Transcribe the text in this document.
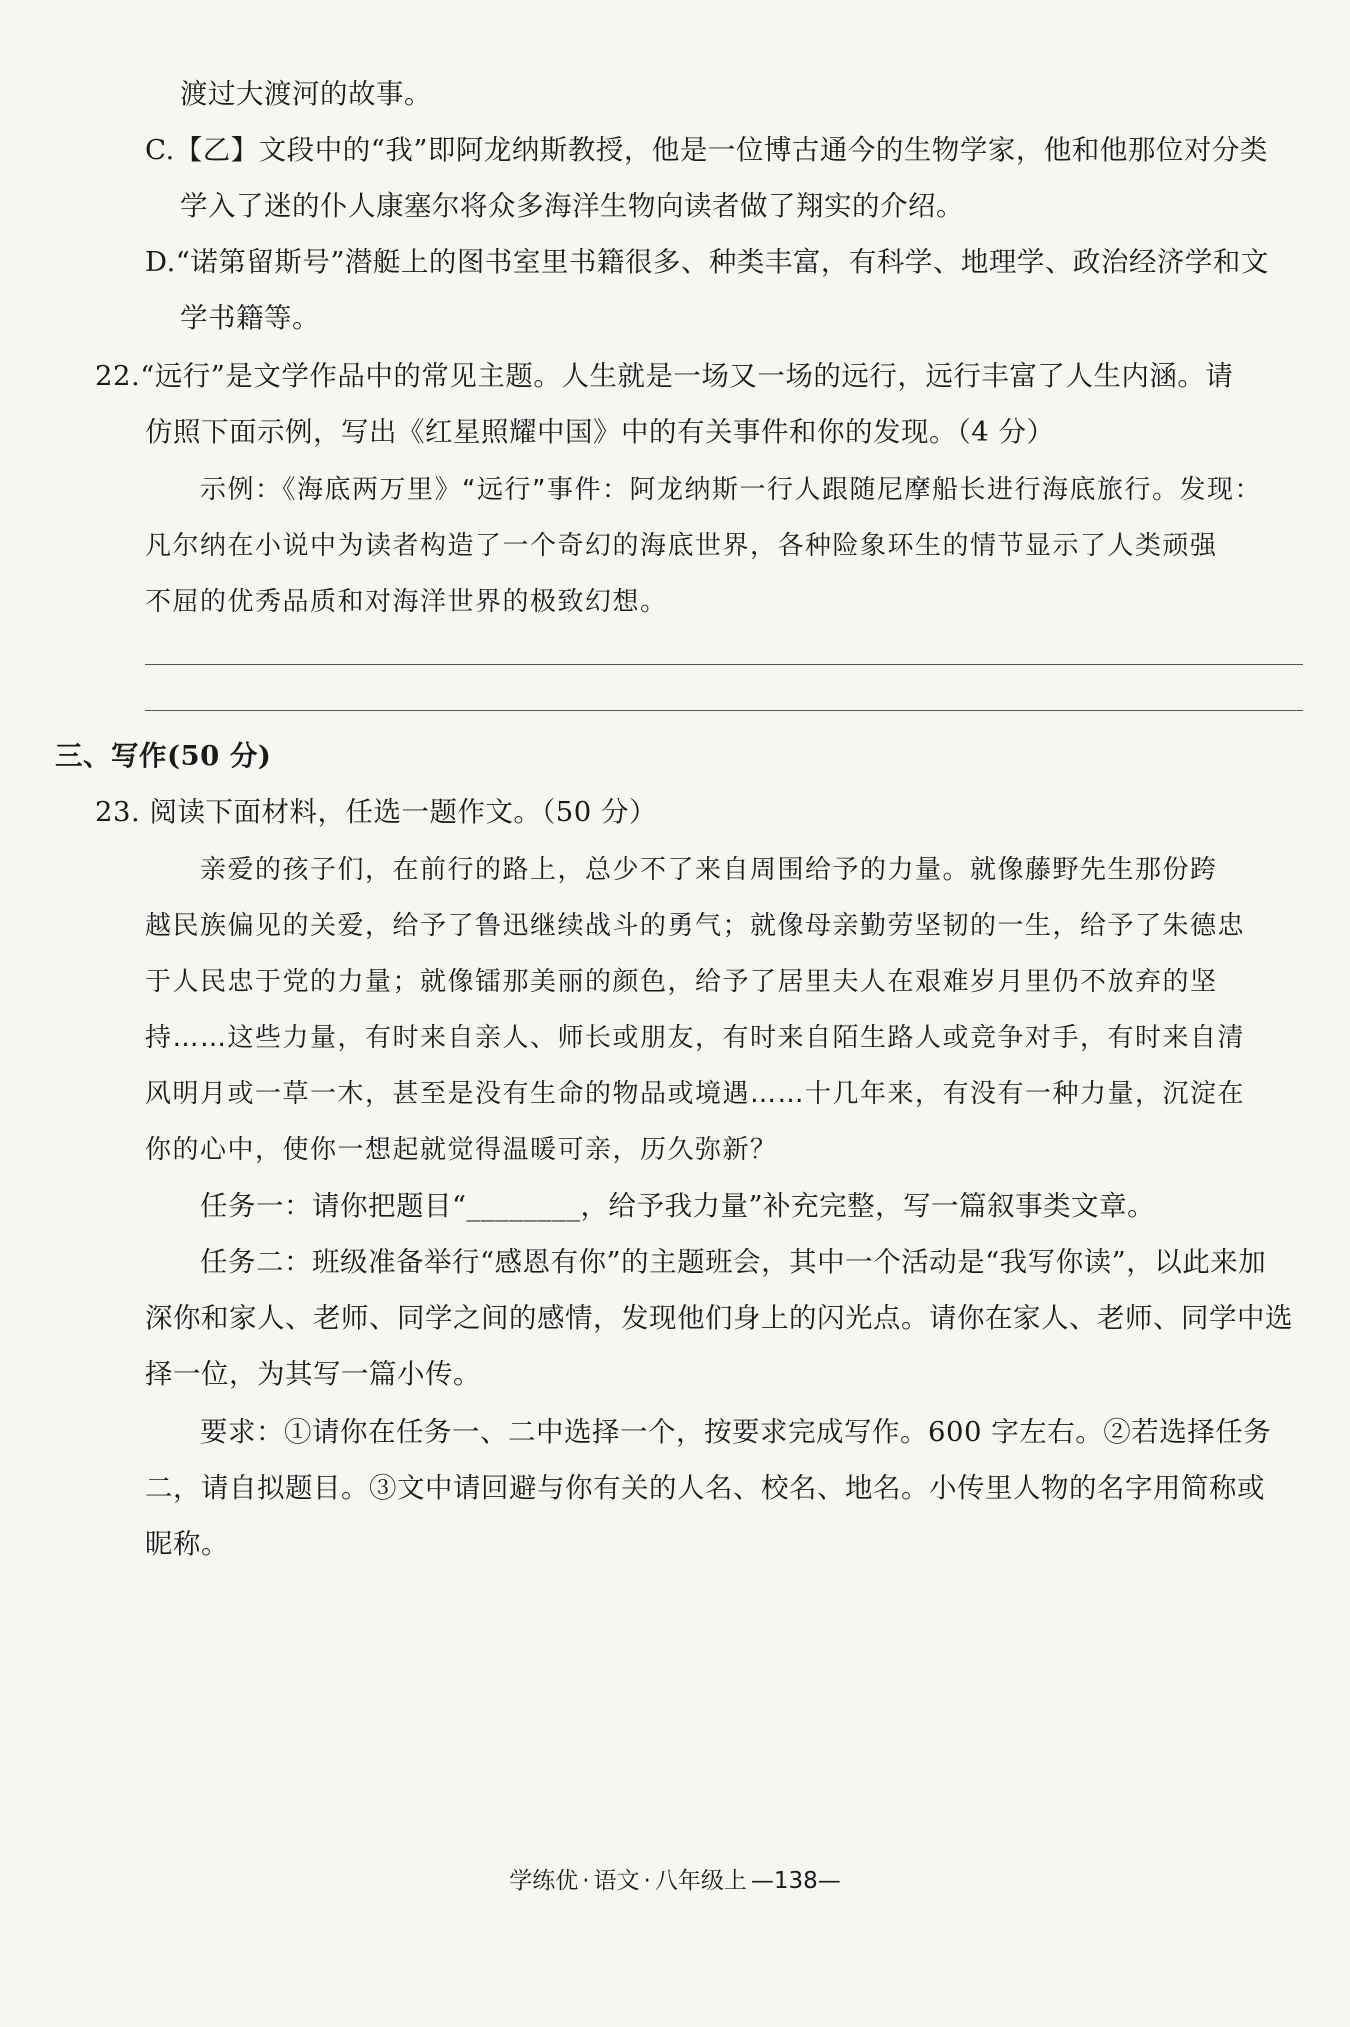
渡过大渡河的故事。
C.【乙】文段中的“我”即阿龙纳斯教授，他是一位博古通今的生物学家，他和他那位对分类
学入了迷的仆人康塞尔将众多海洋生物向读者做了翔实的介绍。
D.“诺第留斯号”潜艇上的图书室里书籍很多、种类丰富，有科学、地理学、政治经济学和文
学书籍等。
22.“远行”是文学作品中的常见主题。人生就是一场又一场的远行，远行丰富了人生内涵。请
仿照下面示例，写出《红星照耀中国》中的有关事件和你的发现。（4 分）
示例：《海底两万里》“远行”事件：阿龙纳斯一行人跟随尼摩船长进行海底旅行。发现：
凡尔纳在小说中为读者构造了一个奇幻的海底世界，各种险象环生的情节显示了人类顽强
不屈的优秀品质和对海洋世界的极致幻想。
三、写作(50 分)
23. 阅读下面材料，任选一题作文。（50 分）
亲爱的孩子们，在前行的路上，总少不了来自周围给予的力量。就像藤野先生那份跨
越民族偏见的关爱，给予了鲁迅继续战斗的勇气；就像母亲勤劳坚韧的一生，给予了朱德忠
于人民忠于党的力量；就像镭那美丽的颜色，给予了居里夫人在艰难岁月里仍不放弃的坚
持……这些力量，有时来自亲人、师长或朋友，有时来自陌生路人或竞争对手，有时来自清
风明月或一草一木，甚至是没有生命的物品或境遇……十几年来，有没有一种力量，沉淀在
你的心中，使你一想起就觉得温暖可亲，历久弥新？
任务一：请你把题目“________，给予我力量”补充完整，写一篇叙事类文章。
任务二：班级准备举行“感恩有你”的主题班会，其中一个活动是“我写你读”，以此来加
深你和家人、老师、同学之间的感情，发现他们身上的闪光点。请你在家人、老师、同学中选
择一位，为其写一篇小传。
要求：①请你在任务一、二中选择一个，按要求完成写作。600 字左右。②若选择任务
二，请自拟题目。③文中请回避与你有关的人名、校名、地名。小传里人物的名字用简称或
昵称。
学练优 · 语文 · 八年级上 —138—
